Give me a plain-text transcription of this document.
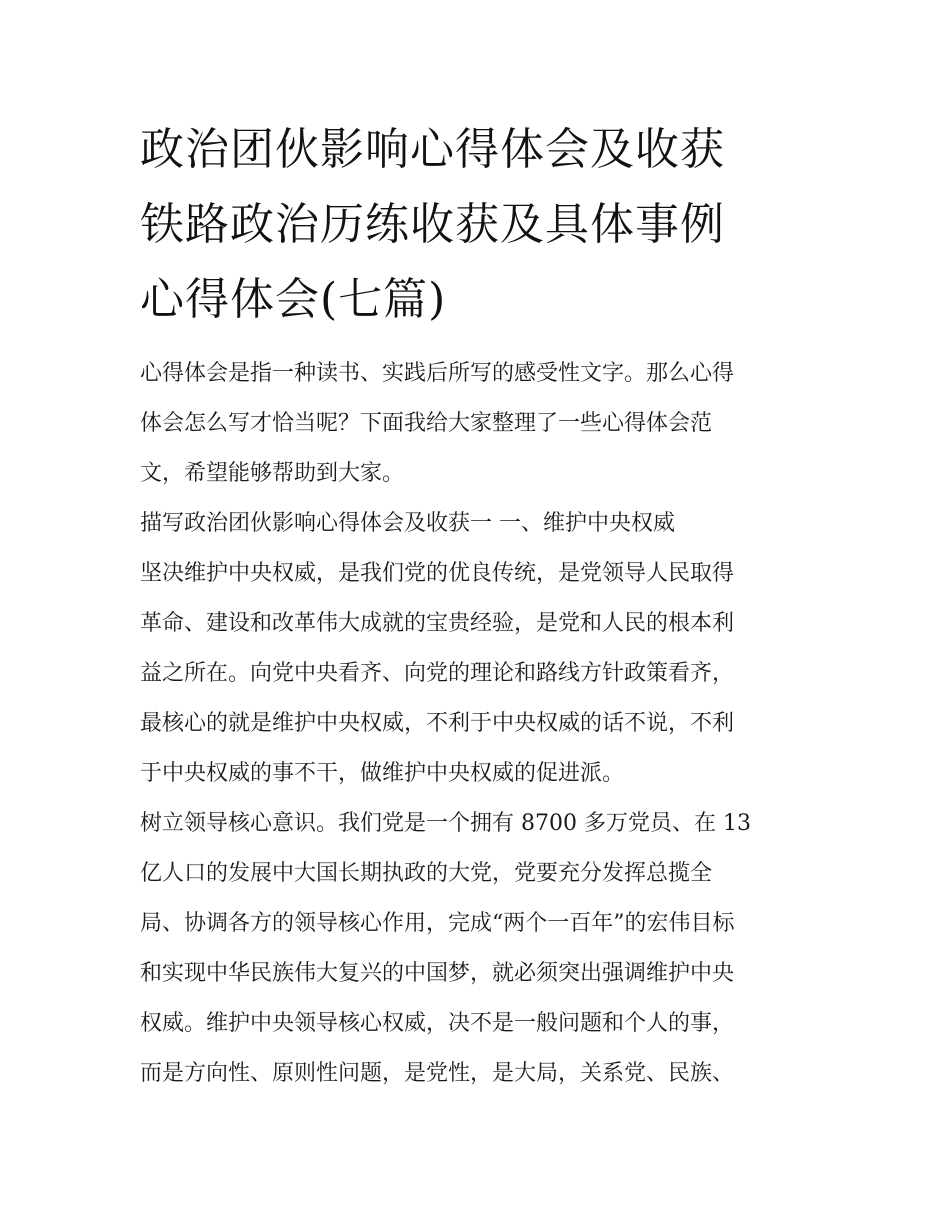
政治团伙影响心得体会及收获
铁路政治历练收获及具体事例
心得体会(七篇)
心得体会是指一种读书、实践后所写的感受性文字。那么心得
体会怎么写才恰当呢？下面我给大家整理了一些心得体会范
文，希望能够帮助到大家。
描写政治团伙影响心得体会及收获一 一、维护中央权威
坚决维护中央权威，是我们党的优良传统，是党领导人民取得
革命、建设和改革伟大成就的宝贵经验，是党和人民的根本利
益之所在。向党中央看齐、向党的理论和路线方针政策看齐，
最核心的就是维护中央权威，不利于中央权威的话不说，不利
于中央权威的事不干，做维护中央权威的促进派。
树立领导核心意识。我们党是一个拥有 8700 多万党员、在 13
亿人口的发展中大国长期执政的大党，党要充分发挥总揽全
局、协调各方的领导核心作用，完成“两个一百年”的宏伟目标
和实现中华民族伟大复兴的中国梦，就必须突出强调维护中央
权威。维护中央领导核心权威，决不是一般问题和个人的事，
而是方向性、原则性问题，是党性，是大局，关系党、民族、
